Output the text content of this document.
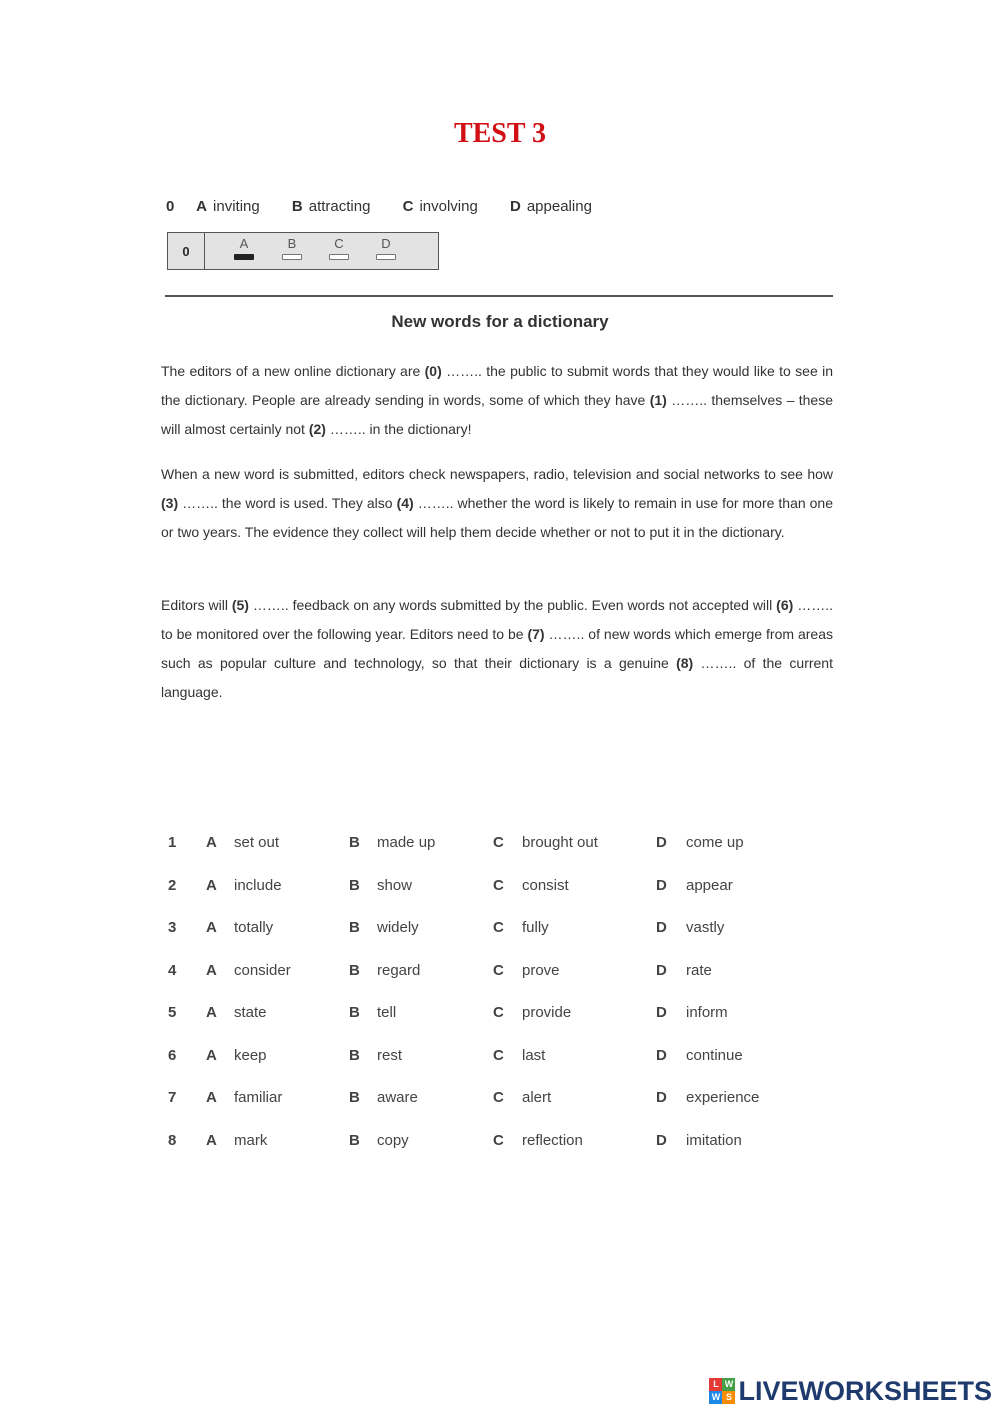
TEST 3
0 A inviting B attracting C involving D appealing
0	A	B	C	D
New words for a dictionary

The editors of a new online dictionary are (0) …….. the public to submit words that they would like to see in the dictionary. People are already sending in words, some of which they have (1) …….. themselves – these will almost certainly not (2) …….. in the dictionary!

When a new word is submitted, editors check newspapers, radio, television and social networks to see how (3) …….. the word is used. They also (4) …….. whether the word is likely to remain in use for more than one or two years. The evidence they collect will help them decide whether or not to put it in the dictionary.

Editors will (5) …….. feedback on any words submitted by the public. Even words not accepted will (6) …….. to be monitored over the following year. Editors need to be (7) …….. of new words which emerge from areas such as popular culture and technology, so that their dictionary is a genuine (8) …….. of the current language.

1 A set out	B made up	C brought out	D come up
2 A include	B show	C consist	D appear
3 A totally	B widely	C fully	D vastly
4 A consider	B regard	C prove	D rate
5 A state	B tell	C provide	D inform
6 A keep	B rest	C last	D continue
7 A familiar	B aware	C alert	D experience
8 A mark	B copy	C reflection	D imitation
L W
W S LIVEWORKSHEETS
